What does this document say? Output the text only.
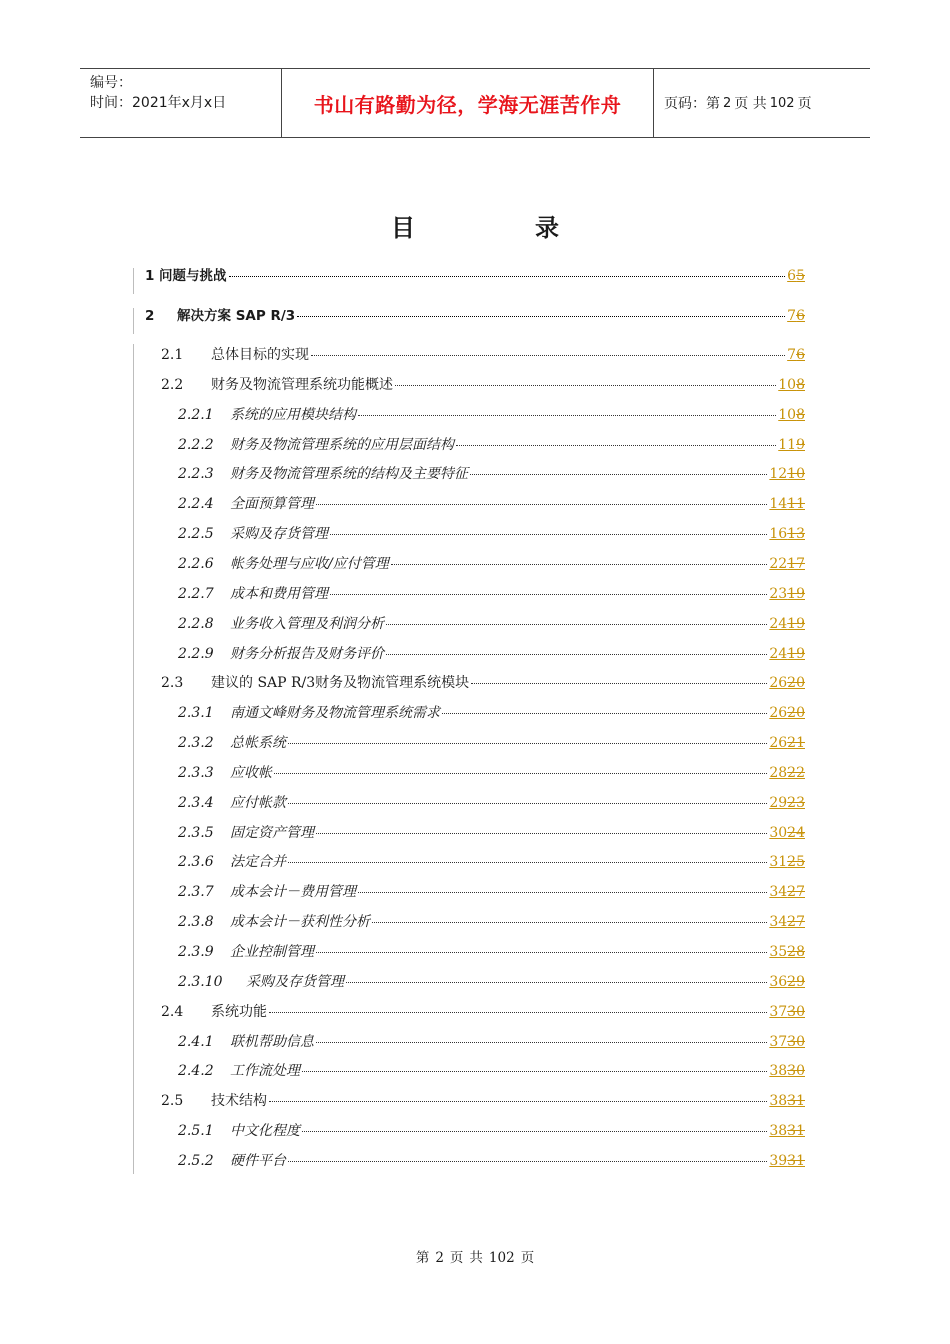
编号：
时间：2021年x月x日	书山有路勤为径，学海无涯苦作舟	页码：第 2 页 共 102 页
目	录
1 问题与挑战	65
2	解决方案 SAP R/3	76
2.1	总体目标的实现	76
2.2	财务及物流管理系统功能概述	108
2.2.1	系统的应用模块结构	108
2.2.2	财务及物流管理系统的应用层面结构	119
2.2.3	财务及物流管理系统的结构及主要特征	1210
2.2.4	全面预算管理	1411
2.2.5	采购及存货管理	1613
2.2.6	帐务处理与应收/应付管理	2217
2.2.7	成本和费用管理	2319
2.2.8	业务收入管理及利润分析	2419
2.2.9	财务分析报告及财务评价	2419
2.3	建议的 SAP R/3财务及物流管理系统模块	2620
2.3.1	南通文峰财务及物流管理系统需求	2620
2.3.2	总帐系统	2621
2.3.3	应收帐	2822
2.3.4	应付帐款	2923
2.3.5	固定资产管理	3024
2.3.6	法定合并	3125
2.3.7	成本会计－费用管理	3427
2.3.8	成本会计－获利性分析	3427
2.3.9	企业控制管理	3528
2.3.10	采购及存货管理	3629
2.4	系统功能	3730
2.4.1	联机帮助信息	3730
2.4.2	工作流处理	3830
2.5	技术结构	3831
2.5.1	中文化程度	3831
2.5.2	硬件平台	3931
第 2 页 共 102 页
